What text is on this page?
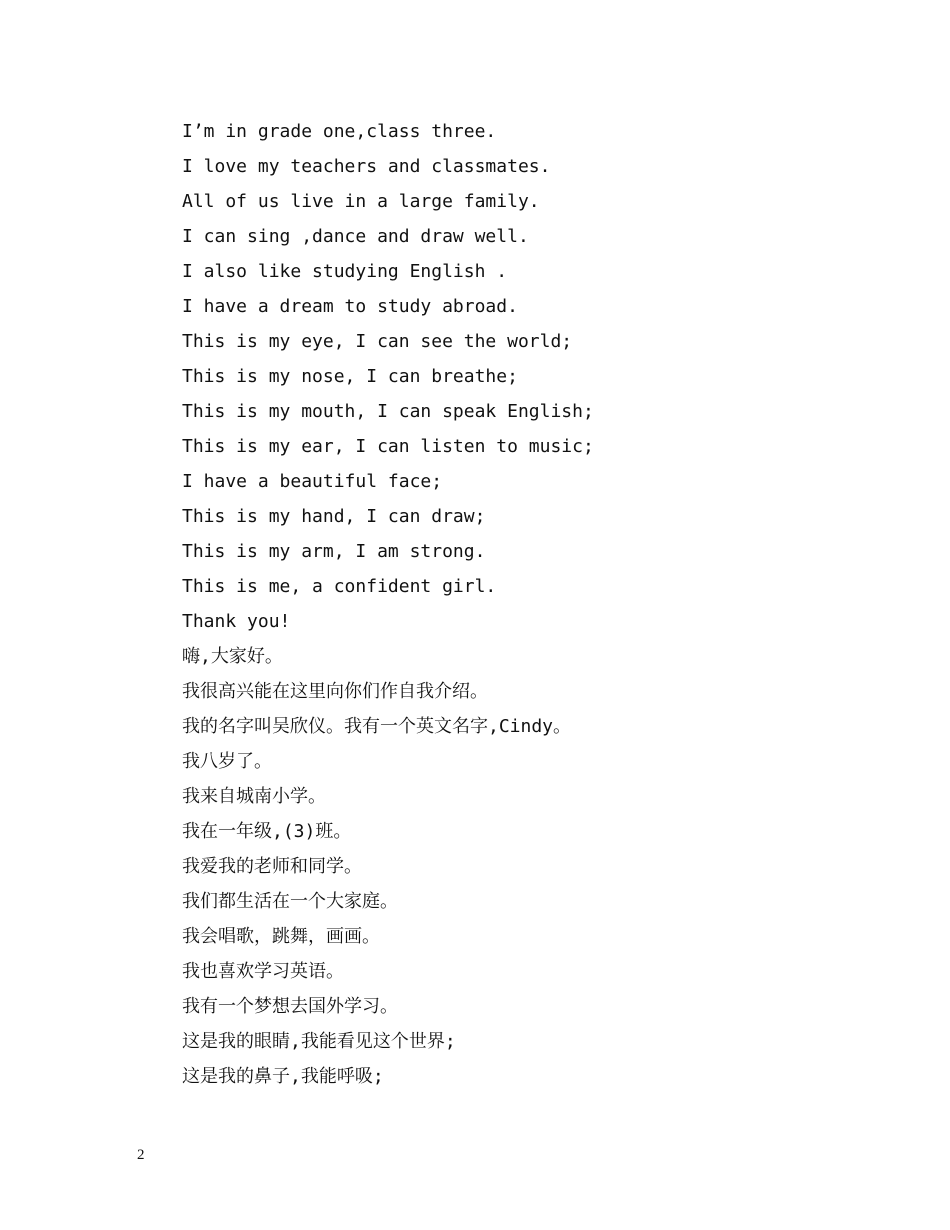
I’m in grade one,class three.
I love my teachers and classmates.
All of us live in a large family.
I can sing ,dance and draw well.
I also like studying English .
I have a dream to study abroad.
This is my eye, I can see the world;
This is my nose, I can breathe;
This is my mouth, I can speak English;
This is my ear, I can listen to music;
I have a beautiful face;
This is my hand, I can draw;
This is my arm, I am strong.
This is me, a confident girl.
Thank you!
嗨,大家好。
我很高兴能在这里向你们作自我介绍。
我的名字叫吴欣仪。我有一个英文名字,Cindy。
我八岁了。
我来自城南小学。
我在一年级,(3)班。
我爱我的老师和同学。
我们都生活在一个大家庭。
我会唱歌，跳舞，画画。
我也喜欢学习英语。
我有一个梦想去国外学习。
这是我的眼睛,我能看见这个世界;
这是我的鼻子,我能呼吸;
2
